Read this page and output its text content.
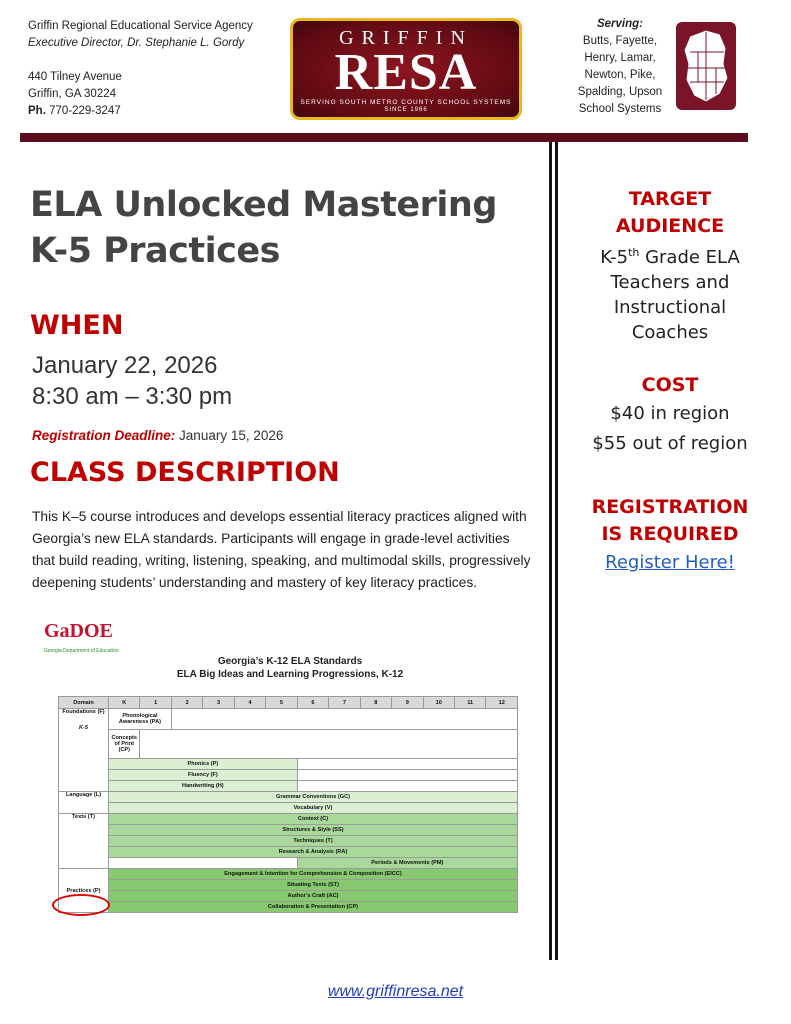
Griffin Regional Educational Service Agency
Executive Director, Dr. Stephanie L. Gordy
440 Tilney Avenue
Griffin, GA 30224
Ph. 770-229-3247
GRIFFIN
RESA
SERVING SOUTH METRO COUNTY SCHOOL SYSTEMS
SINCE 1966
Serving:
Butts, Fayette,
Henry, Lamar,
Newton, Pike,
Spalding, Upson
School Systems
ELA Unlocked Mastering
K-5 Practices
WHEN
January 22, 2026
8:30 am – 3:30 pm
Registration Deadline: January 15, 2026
CLASS DESCRIPTION
This K–5 course introduces and develops essential literacy practices aligned with Georgia’s new ELA standards. Participants will engage in grade-level activities that build reading, writing, listening, speaking, and multimodal skills, progressively deepening students’ understanding and mastery of key literacy practices.
GaDOE
Georgia Department of Education
Georgia’s K-12 ELA Standards
ELA Big Ideas and Learning Progressions, K-12
Domain	K	1	2	3	4	5	6	7	8	9	10	11	12

Foundations (F)
K-5	Phonological Awareness (PA)												
	Concepts of Print (CP)												
	Phonics (P)												
	Fluency (F)												
	Handwriting (H)												
Language (L)	Grammar Conventions (GC)												
	Vocabulary (V)												
Texts (T)	Context (C)												
	Structures & Style (SS)												
	Techniques (T)												
	Research & Analysis (RA)												
							Periods & Movements (PM)						
Practices (P)	Engagement & Intention for Comprehension & Composition (EICC)												
	Situating Texts (ST)												
	Author’s Craft (AC)												
	Collaboration & Presentation (CP)												
TARGET
AUDIENCE
K-5th Grade ELA
Teachers and
Instructional
Coaches
COST
$40 in region
$55 out of region
REGISTRATION
IS REQUIRED
Register Here!
www.griffinresa.net
